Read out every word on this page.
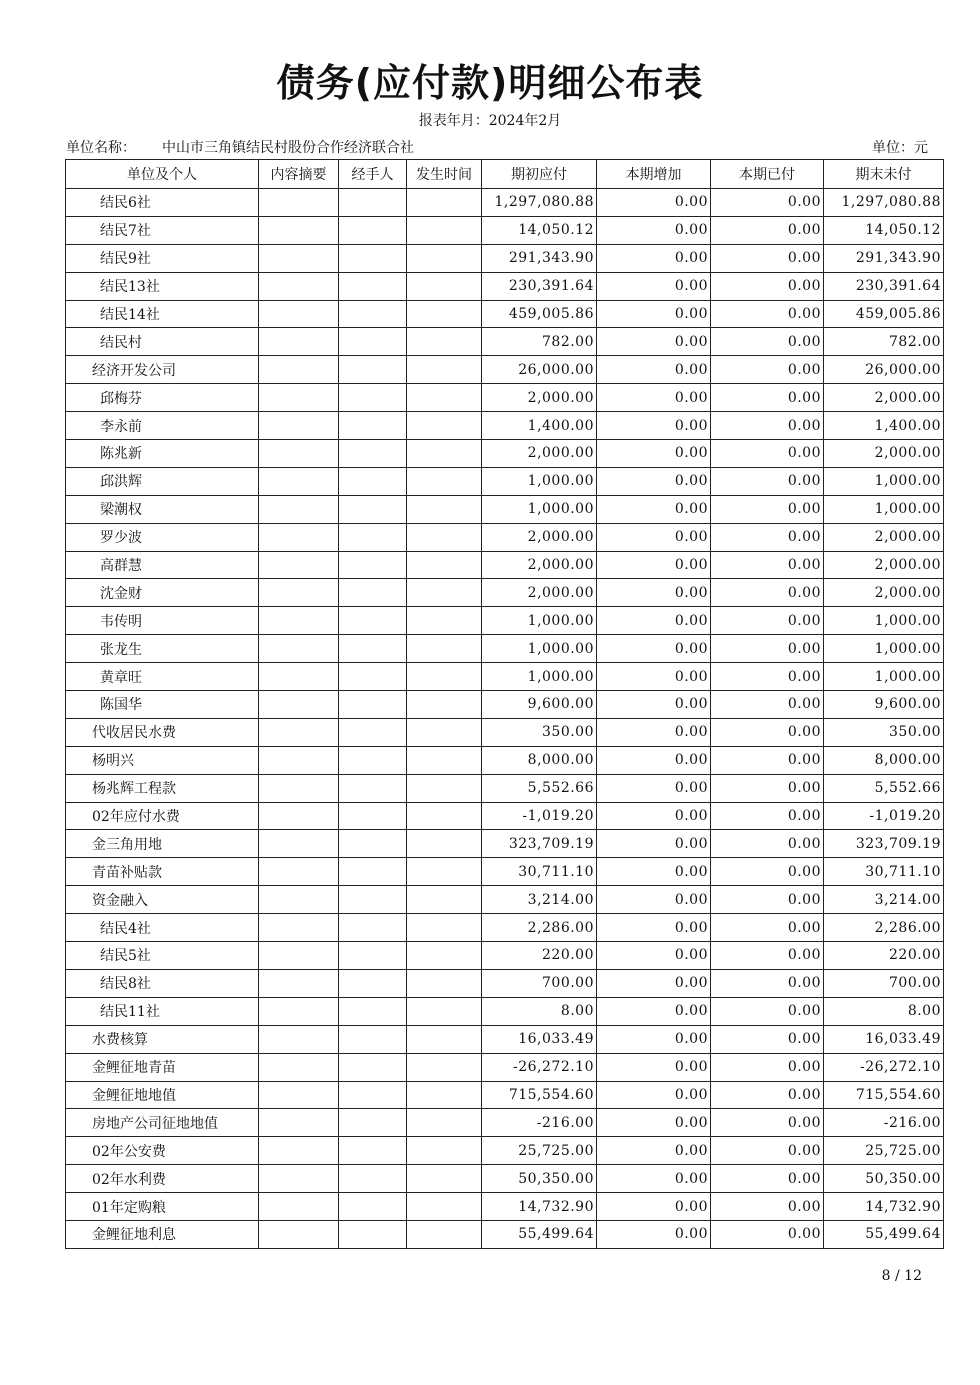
债务(应付款)明细公布表
报表年月：2024年2月
单位名称： 中山市三角镇结民村股份合作经济联合社	单位：元
单位及个人	内容摘要	经手人	发生时间	期初应付	本期增加	本期已付	期末未付
结民6社				1,297,080.88	0.00	0.00	1,297,080.88
结民7社				14,050.12	0.00	0.00	14,050.12
结民9社				291,343.90	0.00	0.00	291,343.90
结民13社				230,391.64	0.00	0.00	230,391.64
结民14社				459,005.86	0.00	0.00	459,005.86
结民村				782.00	0.00	0.00	782.00
经济开发公司				26,000.00	0.00	0.00	26,000.00
邱梅芬				2,000.00	0.00	0.00	2,000.00
李永前				1,400.00	0.00	0.00	1,400.00
陈兆新				2,000.00	0.00	0.00	2,000.00
邱洪辉				1,000.00	0.00	0.00	1,000.00
梁潮权				1,000.00	0.00	0.00	1,000.00
罗少波				2,000.00	0.00	0.00	2,000.00
高群慧				2,000.00	0.00	0.00	2,000.00
沈金财				2,000.00	0.00	0.00	2,000.00
韦传明				1,000.00	0.00	0.00	1,000.00
张龙生				1,000.00	0.00	0.00	1,000.00
黄章旺				1,000.00	0.00	0.00	1,000.00
陈国华				9,600.00	0.00	0.00	9,600.00
代收居民水费				350.00	0.00	0.00	350.00
杨明兴				8,000.00	0.00	0.00	8,000.00
杨兆辉工程款				5,552.66	0.00	0.00	5,552.66
02年应付水费				-1,019.20	0.00	0.00	-1,019.20
金三角用地				323,709.19	0.00	0.00	323,709.19
青苗补贴款				30,711.10	0.00	0.00	30,711.10
资金融入				3,214.00	0.00	0.00	3,214.00
结民4社				2,286.00	0.00	0.00	2,286.00
结民5社				220.00	0.00	0.00	220.00
结民8社				700.00	0.00	0.00	700.00
结民11社				8.00	0.00	0.00	8.00
水费核算				16,033.49	0.00	0.00	16,033.49
金鲤征地青苗				-26,272.10	0.00	0.00	-26,272.10
金鲤征地地值				715,554.60	0.00	0.00	715,554.60
房地产公司征地地值				-216.00	0.00	0.00	-216.00
02年公安费				25,725.00	0.00	0.00	25,725.00
02年水利费				50,350.00	0.00	0.00	50,350.00
01年定购粮				14,732.90	0.00	0.00	14,732.90
金鲤征地利息				55,499.64	0.00	0.00	55,499.64
8 / 12
